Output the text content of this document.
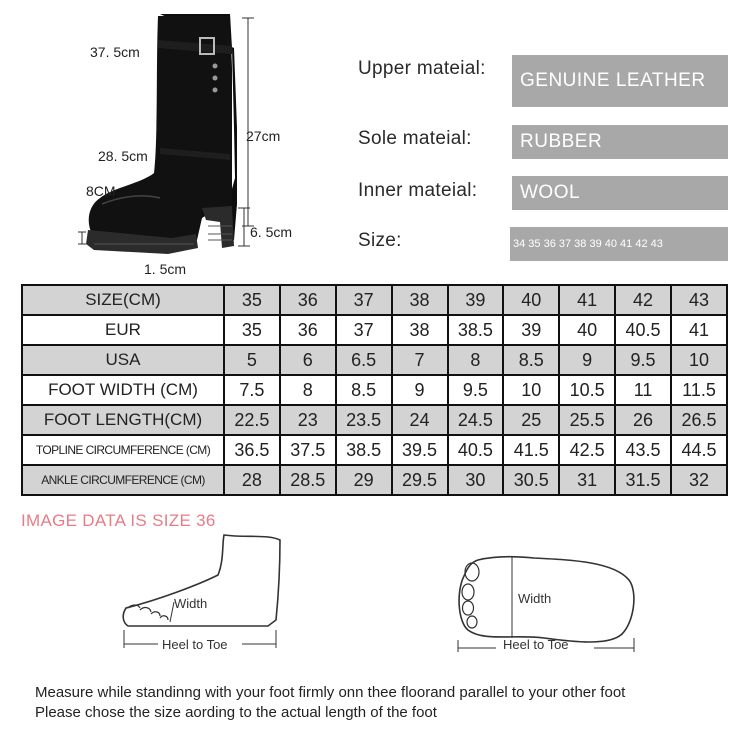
37. 5cm
27cm
28. 5cm
8CM
6. 5cm
1. 5cm
Upper mateial:
GENUINE LEATHER
Sole mateial:	RUBBER
Inner mateial:	WOOL
Size:	34 35 36 37 38 39 40 41 42 43
SIZE(CM)	35	36	37	38	39	40	41	42	43
EUR	35	36	37	38	38.5	39	40	40.5	41
USA	5	6	6.5	7	8	8.5	9	9.5	10
FOOT WIDTH (CM)	7.5	8	8.5	9	9.5	10	10.5	11	11.5
FOOT LENGTH(CM)	22.5	23	23.5	24	24.5	25	25.5	26	26.5
TOPLINE CIRCUMFERENCE (CM)	36.5	37.5	38.5	39.5	40.5	41.5	42.5	43.5	44.5
ANKLE CIRCUMFERENCE (CM)	28	28.5	29	29.5	30	30.5	31	31.5	32
IMAGE DATA IS SIZE 36
Width
Heel to Toe
Width
Heel to Toe
Measure while standinng with your foot firmly onn thee floorand parallel to your other foot
Please chose the size aording to the actual length of the foot
